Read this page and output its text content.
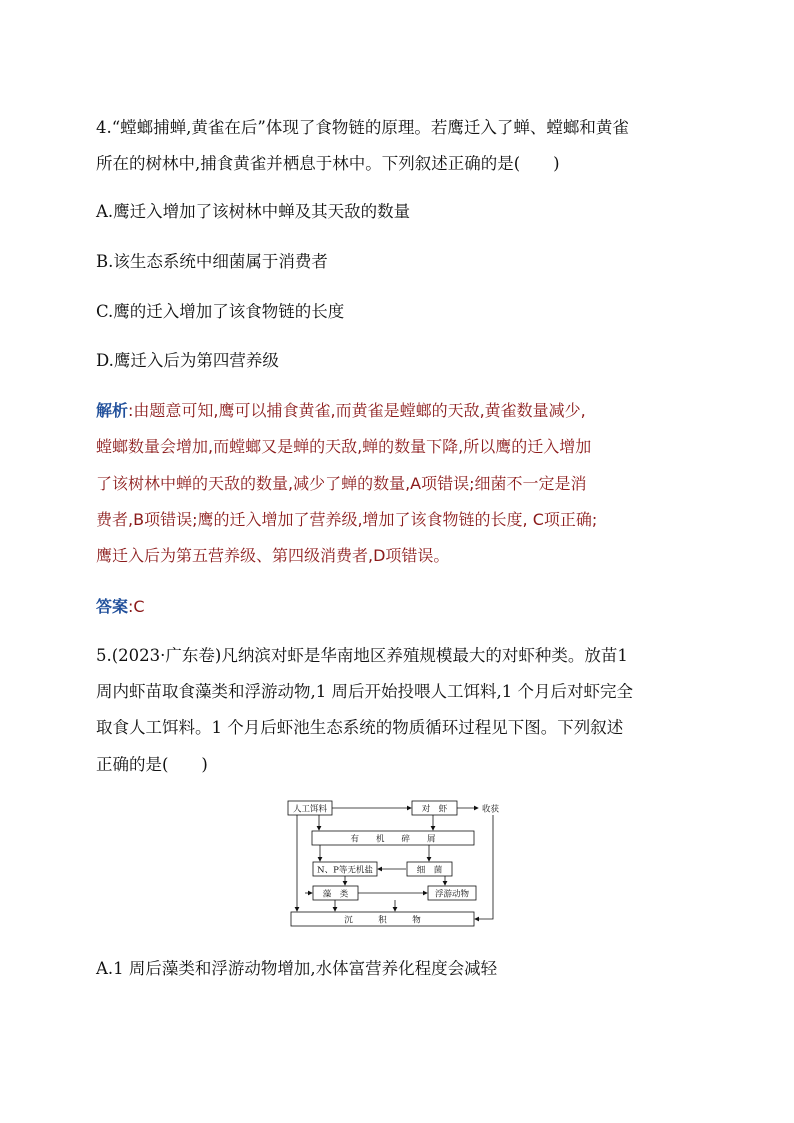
4.“螳螂捕蝉,黄雀在后”体现了食物链的原理。若鹰迁入了蝉、螳螂和黄雀
所在的树林中,捕食黄雀并栖息于林中。下列叙述正确的是(　　)
A.鹰迁入增加了该树林中蝉及其天敌的数量
B.该生态系统中细菌属于消费者
C.鹰的迁入增加了该食物链的长度
D.鹰迁入后为第四营养级
解析:由题意可知,鹰可以捕食黄雀,而黄雀是螳螂的天敌,黄雀数量减少,
螳螂数量会增加,而螳螂又是蝉的天敌,蝉的数量下降,所以鹰的迁入增加
了该树林中蝉的天敌的数量,减少了蝉的数量,A项错误;细菌不一定是消
费者,B项错误;鹰的迁入增加了营养级,增加了该食物链的长度, C项正确;
鹰迁入后为第五营养级、第四级消费者,D项错误。
答案:C
5.(2023·广东卷)凡纳滨对虾是华南地区养殖规模最大的对虾种类。放苗1
周内虾苗取食藻类和浮游动物,1 周后开始投喂人工饵料,1 个月后对虾完全
取食人工饵料。1 个月后虾池生态系统的物质循环过程见下图。下列叙述
正确的是(　　)
人工饵料	对　虾	收获
有　　机　　碎　　屑
N、P等无机盐	细　菌
藻　类	浮游动物
沉　　　积　　　物
A.1 周后藻类和浮游动物增加,水体富营养化程度会减轻
